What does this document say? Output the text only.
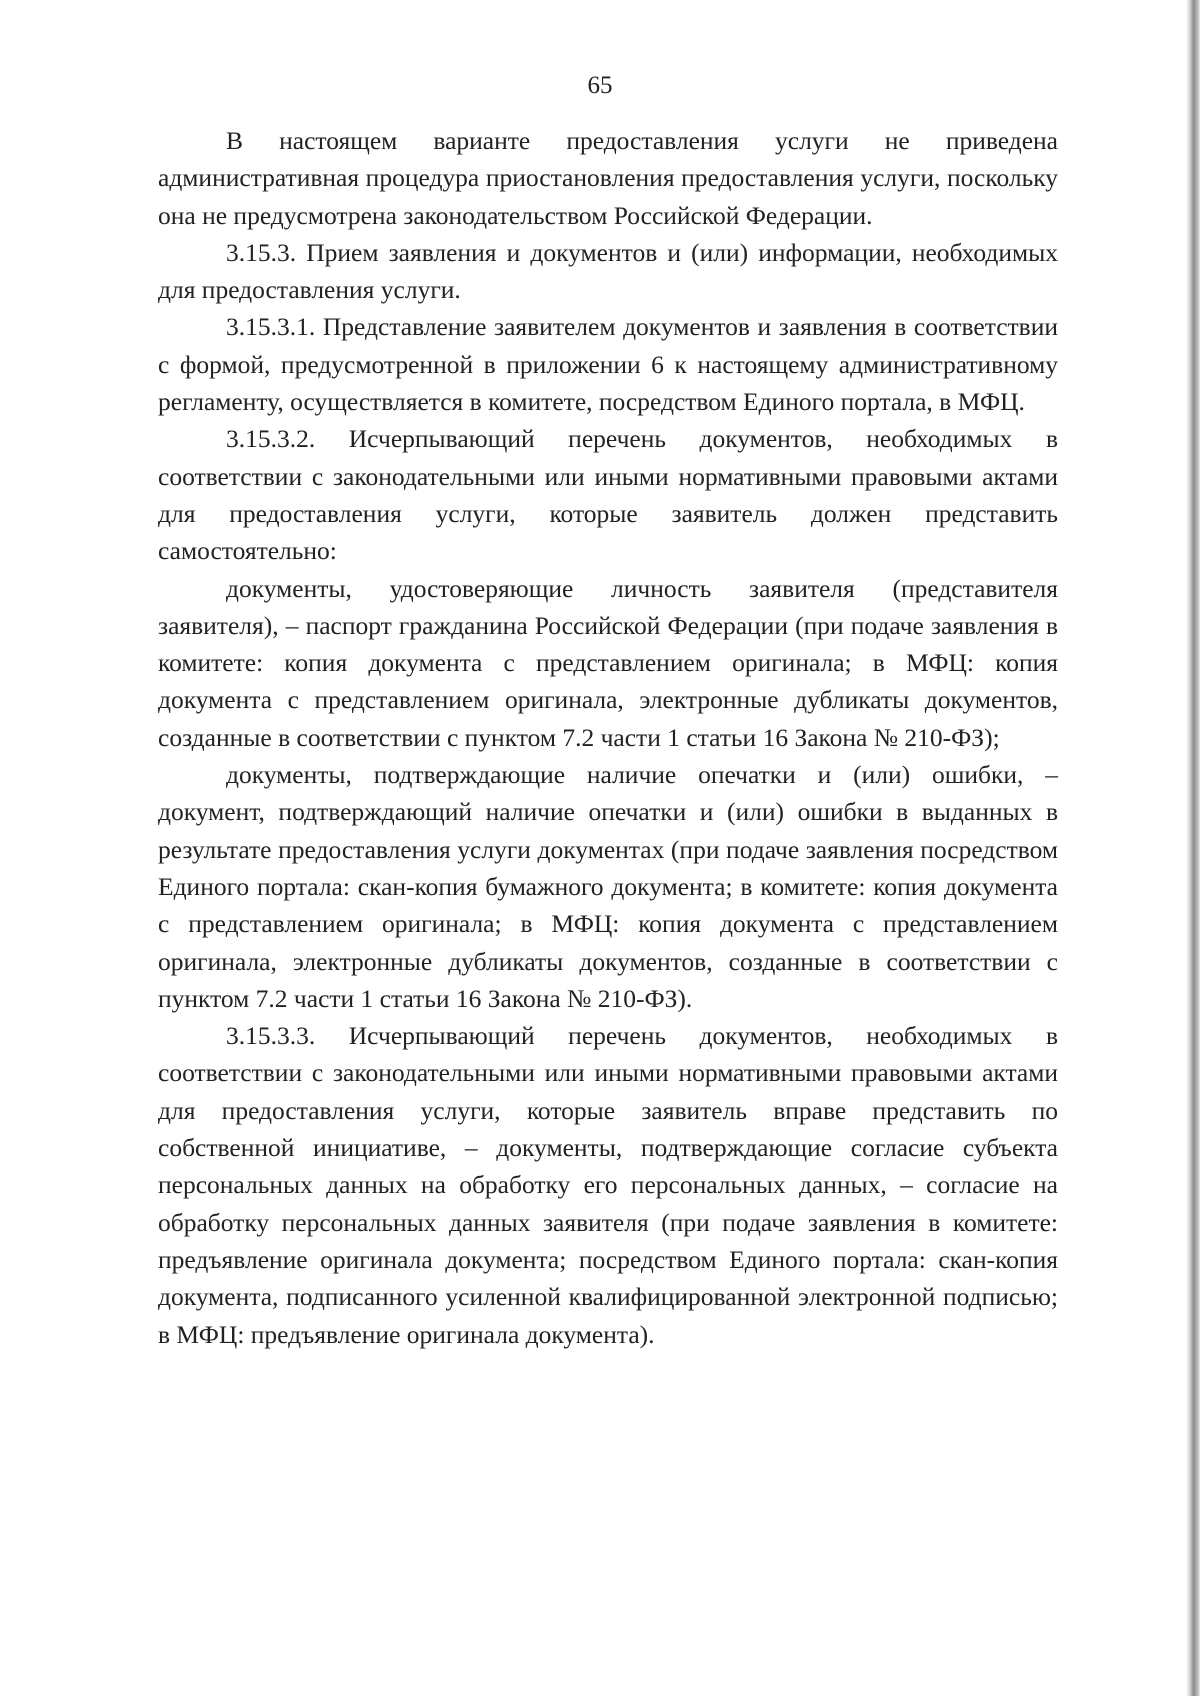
65

В настоящем варианте предоставления услуги не приведена административная процедура приостановления предоставления услуги, поскольку она не предусмотрена законодательством Российской Федерации.

3.15.3. Прием заявления и документов и (или) информации, необходимых для предоставления услуги.

3.15.3.1. Представление заявителем документов и заявления в соответствии с формой, предусмотренной в приложении 6 к настоящему административному регламенту, осуществляется в комитете, посредством Единого портала, в МФЦ.

3.15.3.2. Исчерпывающий перечень документов, необходимых в соответствии с законодательными или иными нормативными правовыми актами для предоставления услуги, которые заявитель должен представить самостоятельно:

документы, удостоверяющие личность заявителя (представителя заявителя), – паспорт гражданина Российской Федерации (при подаче заявления в комитете: копия документа с представлением оригинала; в МФЦ: копия документа с представлением оригинала, электронные дубликаты документов, созданные в соответствии с пунктом 7.2 части 1 статьи 16 Закона № 210-ФЗ);

документы, подтверждающие наличие опечатки и (или) ошибки, – документ, подтверждающий наличие опечатки и (или) ошибки в выданных в результате предоставления услуги документах (при подаче заявления посредством Единого портала: скан-копия бумажного документа; в комитете: копия документа с представлением оригинала; в МФЦ: копия документа с представлением оригинала, электронные дубликаты документов, созданные в соответствии с пунктом 7.2 части 1 статьи 16 Закона № 210-ФЗ).

3.15.3.3. Исчерпывающий перечень документов, необходимых в соответствии с законодательными или иными нормативными правовыми актами для предоставления услуги, которые заявитель вправе представить по собственной инициативе, – документы, подтверждающие согласие субъекта персональных данных на обработку его персональных данных, – согласие на обработку персональных данных заявителя (при подаче заявления в комитете: предъявление оригинала документа; посредством Единого портала: скан-копия документа, подписанного усиленной квалифицированной электронной подписью; в МФЦ: предъявление оригинала документа).
